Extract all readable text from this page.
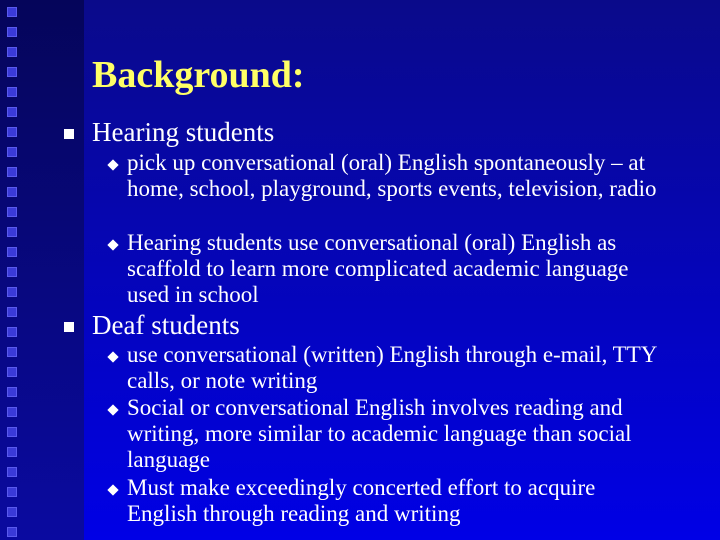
Background:
Hearing students
pick up conversational (oral) English spontaneously – at home, school, playground, sports events, television, radio
Hearing students use conversational (oral) English as scaffold to learn more complicated academic language used in school
Deaf students
use conversational (written) English through e-mail, TTY calls, or note writing
Social or conversational English involves reading and writing, more similar to academic language than social language
Must make exceedingly concerted effort to acquire English through reading and writing
